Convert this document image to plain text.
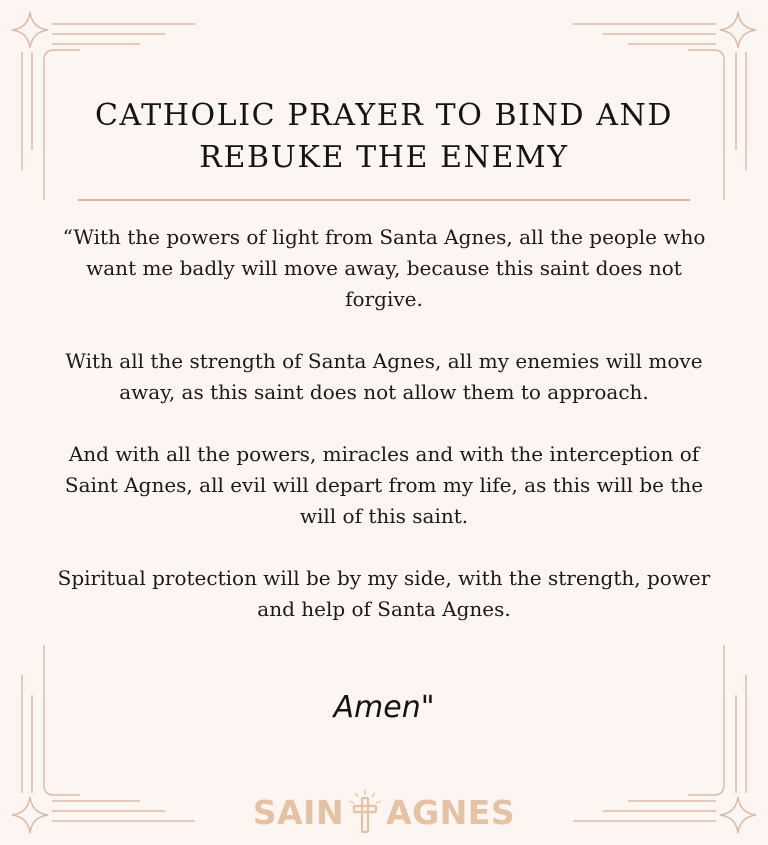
CATHOLIC PRAYER TO BIND AND REBUKE THE ENEMY

“With the powers of light from Santa Agnes, all the people who want me badly will move away, because this saint does not forgive.

With all the strength of Santa Agnes, all my enemies will move away, as this saint does not allow them to approach.

And with all the powers, miracles and with the interception of Saint Agnes, all evil will depart from my life, as this will be the will of this saint.

Spiritual protection will be by my side, with the strength, power and help of Santa Agnes.

Amen"
SAIN AGNES
